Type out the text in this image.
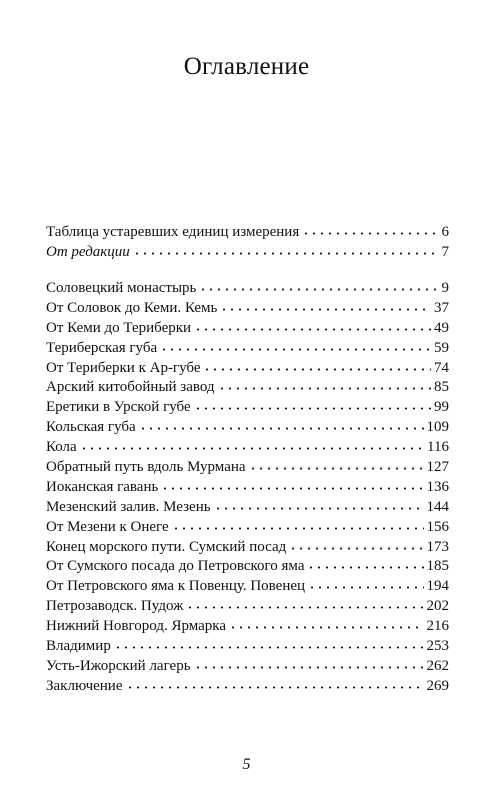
Оглавление
Таблица устаревших единиц измерения	6
От редакции	7
Соловецкий монастырь	9
От Соловок до Кеми. Кемь	37
От Кеми до Териберки	49
Териберская губа	59
От Териберки к Ар-губе	74
Арский китобойный завод	85
Еретики в Урской губе	99
Кольская губа	109
Кола	116
Обратный путь вдоль Мурмана	127
Иоканская гавань	136
Мезенский залив. Мезень	144
От Мезени к Онеге	156
Конец морского пути. Сумский посад	173
От Сумского посада до Петровского яма	185
От Петровского яма к Повенцу. Повенец	194
Петрозаводск. Пудож	202
Нижний Новгород. Ярмарка	216
Владимир	253
Усть-Ижорский лагерь	262
Заключение	269
5
